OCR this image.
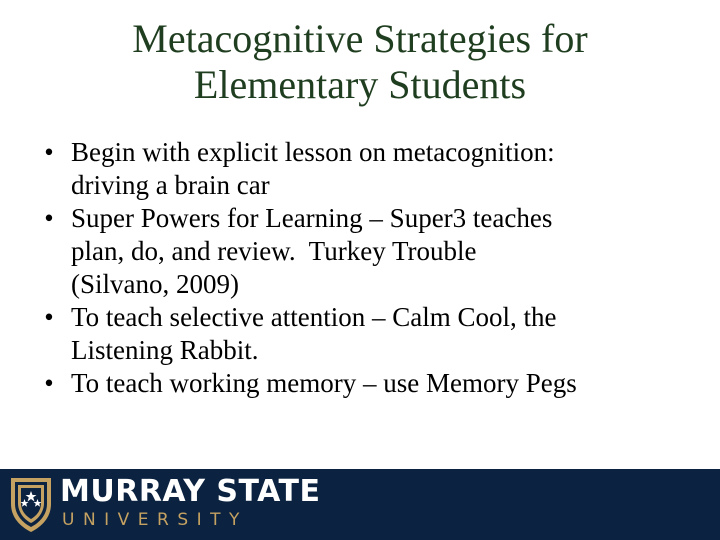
Metacognitive Strategies for
Elementary Students
• Begin with explicit lesson on metacognition:
driving a brain car
• Super Powers for Learning – Super3 teaches
plan, do, and review.  Turkey Trouble
(Silvano, 2009)
• To teach selective attention – Calm Cool, the
Listening Rabbit.
• To teach working memory – use Memory Pegs
MURRAY STATE
UNIVERSITY
